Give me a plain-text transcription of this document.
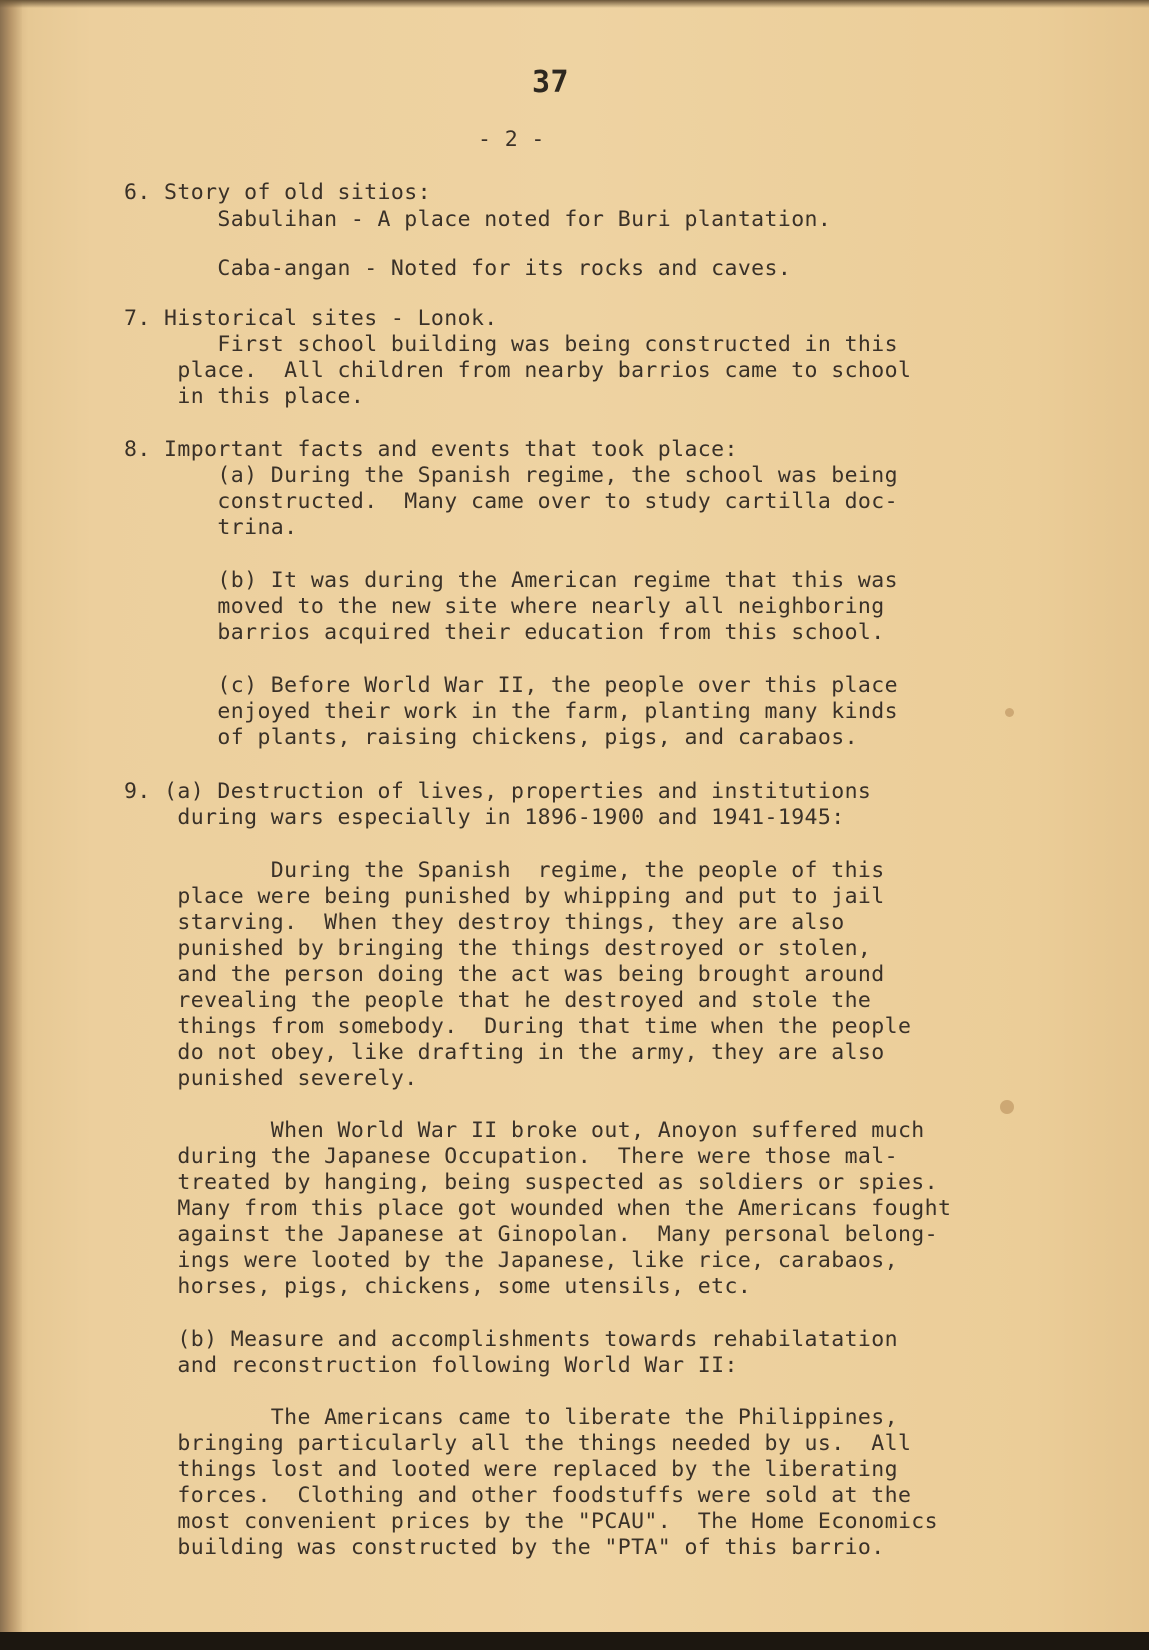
37
- 2 -
6. Story of old sitios:
Sabulihan - A place noted for Buri plantation.
Caba-angan - Noted for its rocks and caves.
7. Historical sites - Lonok.
First school building was being constructed in this
place.  All children from nearby barrios came to school
in this place.
8. Important facts and events that took place:
(a) During the Spanish regime, the school was being
constructed.  Many came over to study cartilla doc-
trina.
(b) It was during the American regime that this was
moved to the new site where nearly all neighboring
barrios acquired their education from this school.
(c) Before World War II, the people over this place
enjoyed their work in the farm, planting many kinds
of plants, raising chickens, pigs, and carabaos.
9. (a) Destruction of lives, properties and institutions
during wars especially in 1896-1900 and 1941-1945:
During the Spanish  regime, the people of this
place were being punished by whipping and put to jail
starving.  When they destroy things, they are also
punished by bringing the things destroyed or stolen,
and the person doing the act was being brought around
revealing the people that he destroyed and stole the
things from somebody.  During that time when the people
do not obey, like drafting in the army, they are also
punished severely.
When World War II broke out, Anoyon suffered much
during the Japanese Occupation.  There were those mal-
treated by hanging, being suspected as soldiers or spies.
Many from this place got wounded when the Americans fought
against the Japanese at Ginopolan.  Many personal belong-
ings were looted by the Japanese, like rice, carabaos,
horses, pigs, chickens, some utensils, etc.
(b) Measure and accomplishments towards rehabilatation
and reconstruction following World War II:
The Americans came to liberate the Philippines,
bringing particularly all the things needed by us.  All
things lost and looted were replaced by the liberating
forces.  Clothing and other foodstuffs were sold at the
most convenient prices by the "PCAU".  The Home Economics
building was constructed by the "PTA" of this barrio.
